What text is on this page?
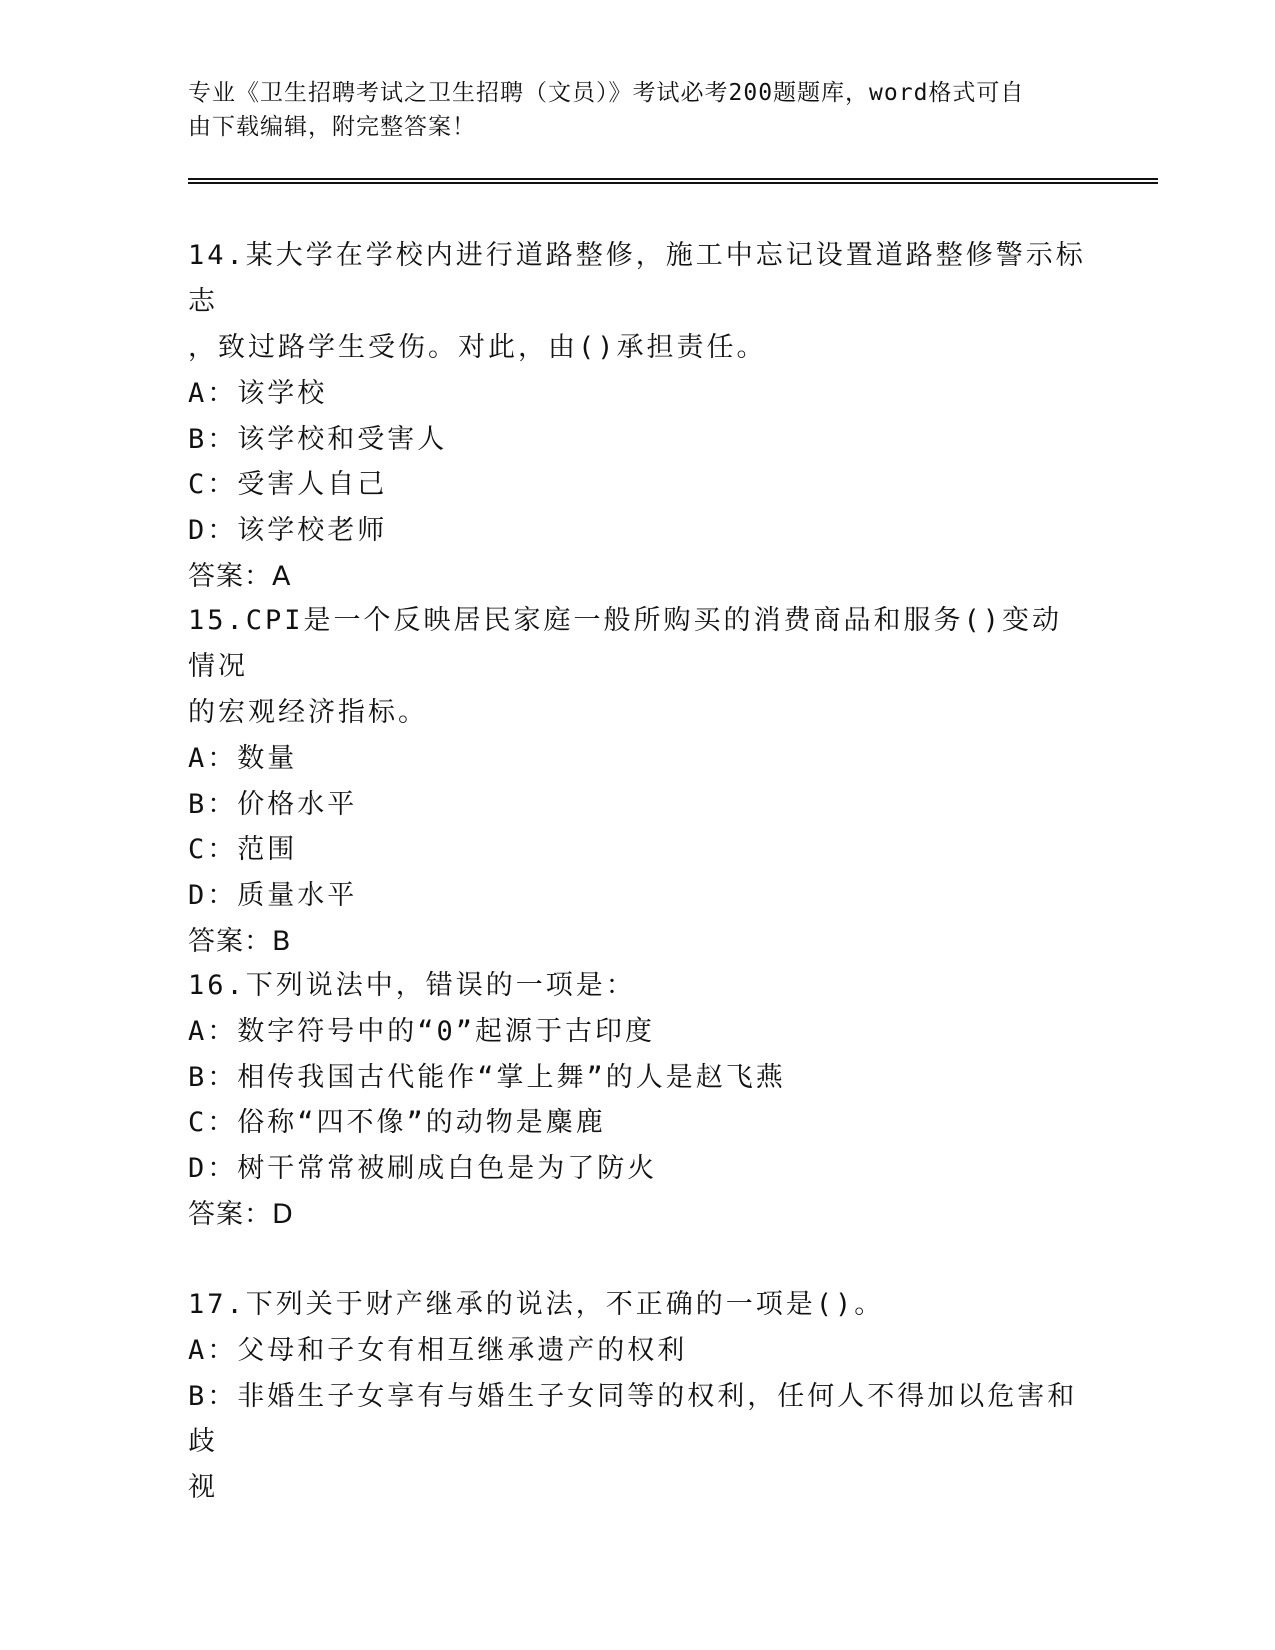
专业《卫生招聘考试之卫生招聘（文员）》考试必考200题题库，word格式可自
由下载编辑，附完整答案！
14.某大学在学校内进行道路整修，施工中忘记设置道路整修警示标志
，致过路学生受伤。对此，由()承担责任。
A：该学校
B：该学校和受害人
C：受害人自己
D：该学校老师
答案：A
15.CPI是一个反映居民家庭一般所购买的消费商品和服务()变动情况
的宏观经济指标。
A：数量
B：价格水平
C：范围
D：质量水平
答案：B
16.下列说法中，错误的一项是：
A：数字符号中的“0”起源于古印度
B：相传我国古代能作“掌上舞”的人是赵飞燕
C：俗称“四不像”的动物是麋鹿
D：树干常常被刷成白色是为了防火
答案：D
17.下列关于财产继承的说法，不正确的一项是()。
A：父母和子女有相互继承遗产的权利
B：非婚生子女享有与婚生子女同等的权利，任何人不得加以危害和歧
视
